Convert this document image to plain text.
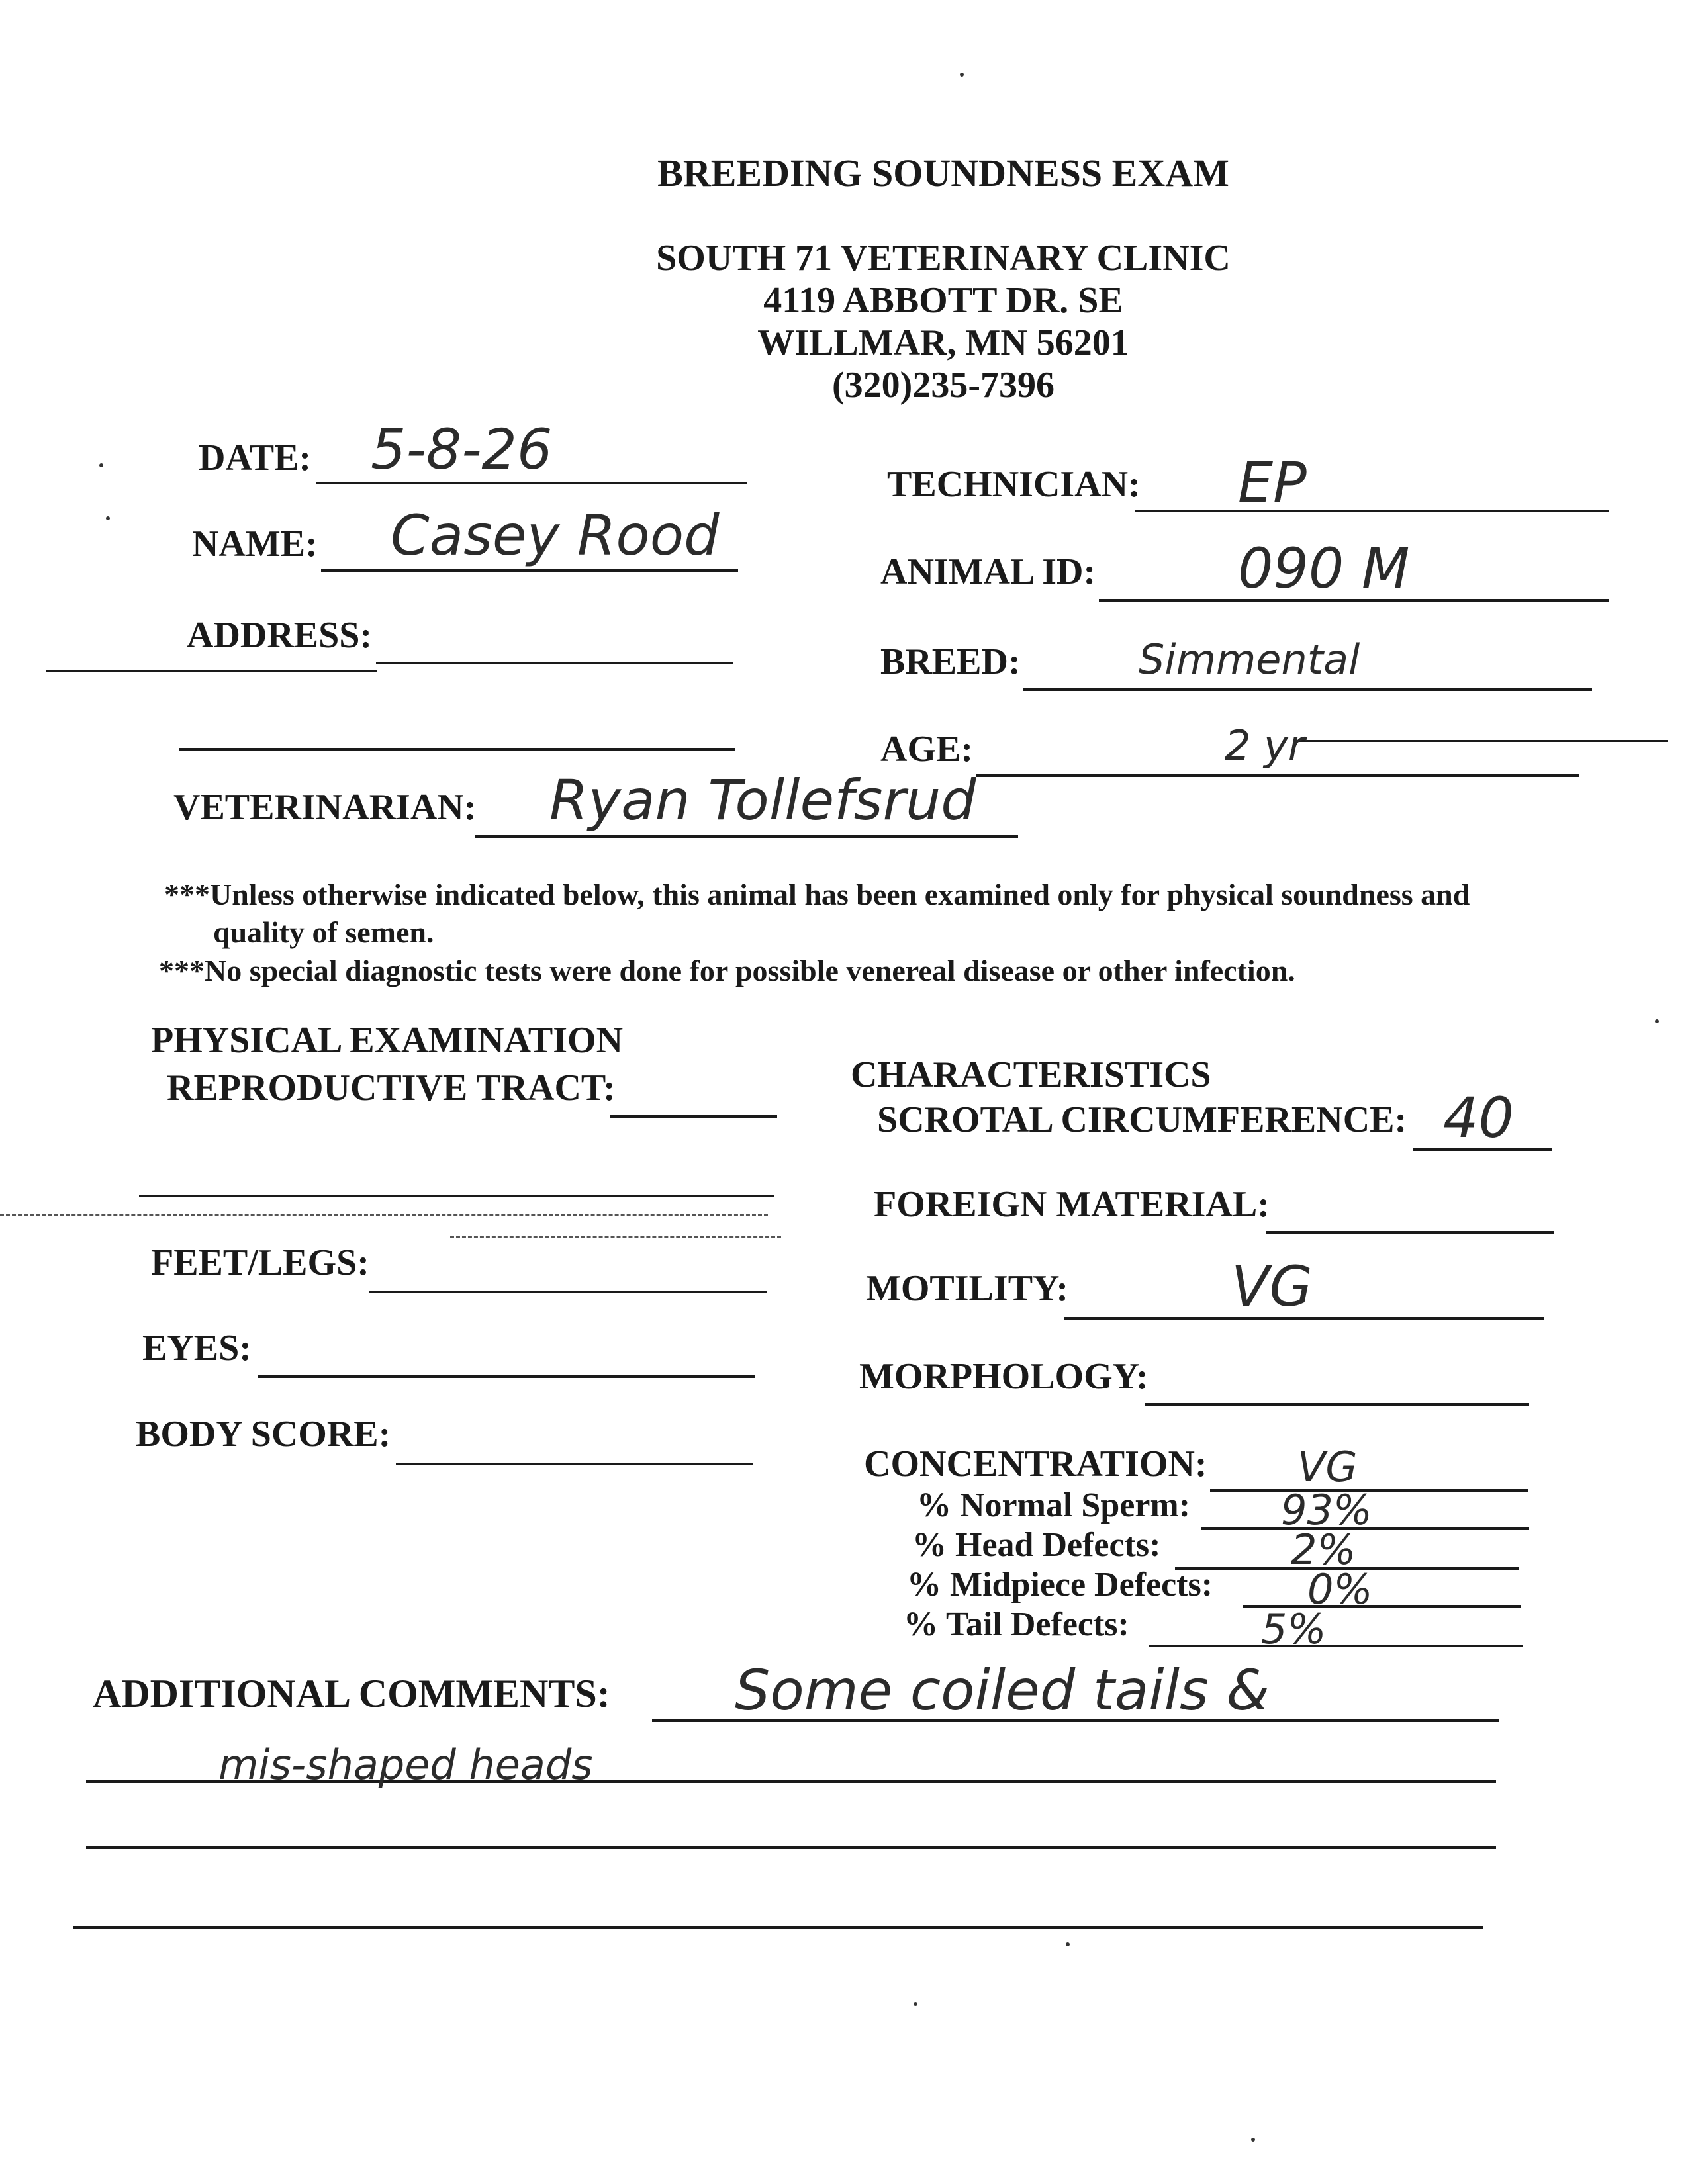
BREEDING SOUNDNESS EXAM
SOUTH 71 VETERINARY CLINIC
4119 ABBOTT DR. SE
WILLMAR, MN 56201
(320)235-7396
DATE: 5-8-26
NAME: Casey Rood
ADDRESS:
VETERINARIAN: Ryan Tollefsrud
TECHNICIAN: EP
ANIMAL ID:	090 M
BREED:	Simmental
AGE:	2 yr
***Unless otherwise indicated below, this animal has been examined only for physical soundness and
quality of semen.
***No special diagnostic tests were done for possible venereal disease or other infection.
PHYSICAL EXAMINATION
REPRODUCTIVE TRACT:
FEET/LEGS:
EYES:
BODY SCORE:
CHARACTERISTICS
SCROTAL CIRCUMFERENCE: 40
FOREIGN MATERIAL:
MOTILITY:	VG
MORPHOLOGY:
CONCENTRATION: VG
% Normal Sperm: 93%
% Head Defects:	2%
% Midpiece Defects: 0%
% Tail Defects:	5%
ADDITIONAL COMMENTS: Some coiled tails &
mis-shaped heads
